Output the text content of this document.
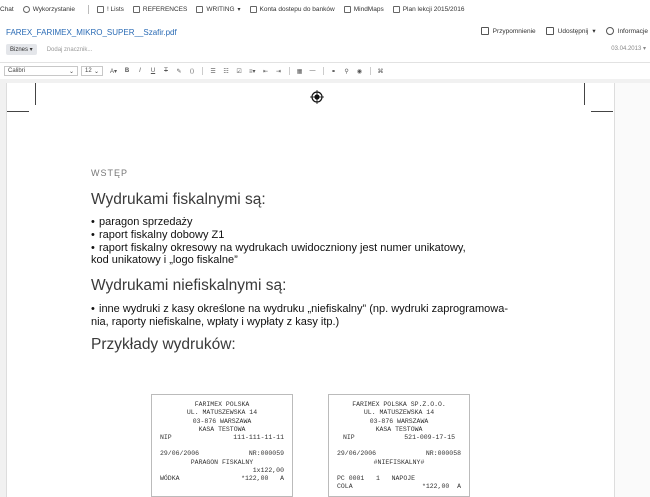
Chat	Wykorzystanie	! Lists	REFERENCES	WRITING ▾	Konta dostepu do banków	MindMaps	Plan lekcji 2015/2016
FAREX_FARIMEX_MIKRO_SUPER__Szafir.pdf	Przypomnienie	Udostępnij ▾	Informacje
Biznes ▾	Dodaj znacznik...	03.04.2013 ▾
Calibri	⌄ 12 ⌄ A▾ B	I	U T ✎ ⟨⟩	☰ ☷ ☑ ≡▾ ⇤ ⇥	▦ —	⚭ ⚲ ◉	⌘
WSTĘP
Wydrukami fiskalnymi są:
• paragon sprzedaży
• raport fiskalny dobowy Z1
• raport fiskalny okresowy na wydrukach uwidoczniony jest numer unikatowy,
kod unikatowy i „logo fiskalne”
Wydrukami niefiskalnymi są:
• inne wydruki z kasy określone na wydruku „niefiskalny” (np. wydruki zaprogramowa-
nia, raporty niefiskalne, wpłaty i wypłaty z kasy itp.)
Przykłady wydruków:
FARIMEX POLSKA
UL. MATUSZEWSKA 14
03-876 WARSZAWA
KASA TESTOWA
NIP	111-111-11-11
29/06/2006	NR:000059
PARAGON FISKALNY
1x122,00
WÓDKA	*122,00 A
FARIMEX POLSKA SP.Z.O.O.
UL. MATUSZEWSKA 14
03-876 WARSZAWA
KASA TESTOWA
NIP	521-009-17-15
29/06/2006	NR:000058
#NIEFISKALNY#
PC 0001 1 NAPOJE
COLA	*122,00 A
